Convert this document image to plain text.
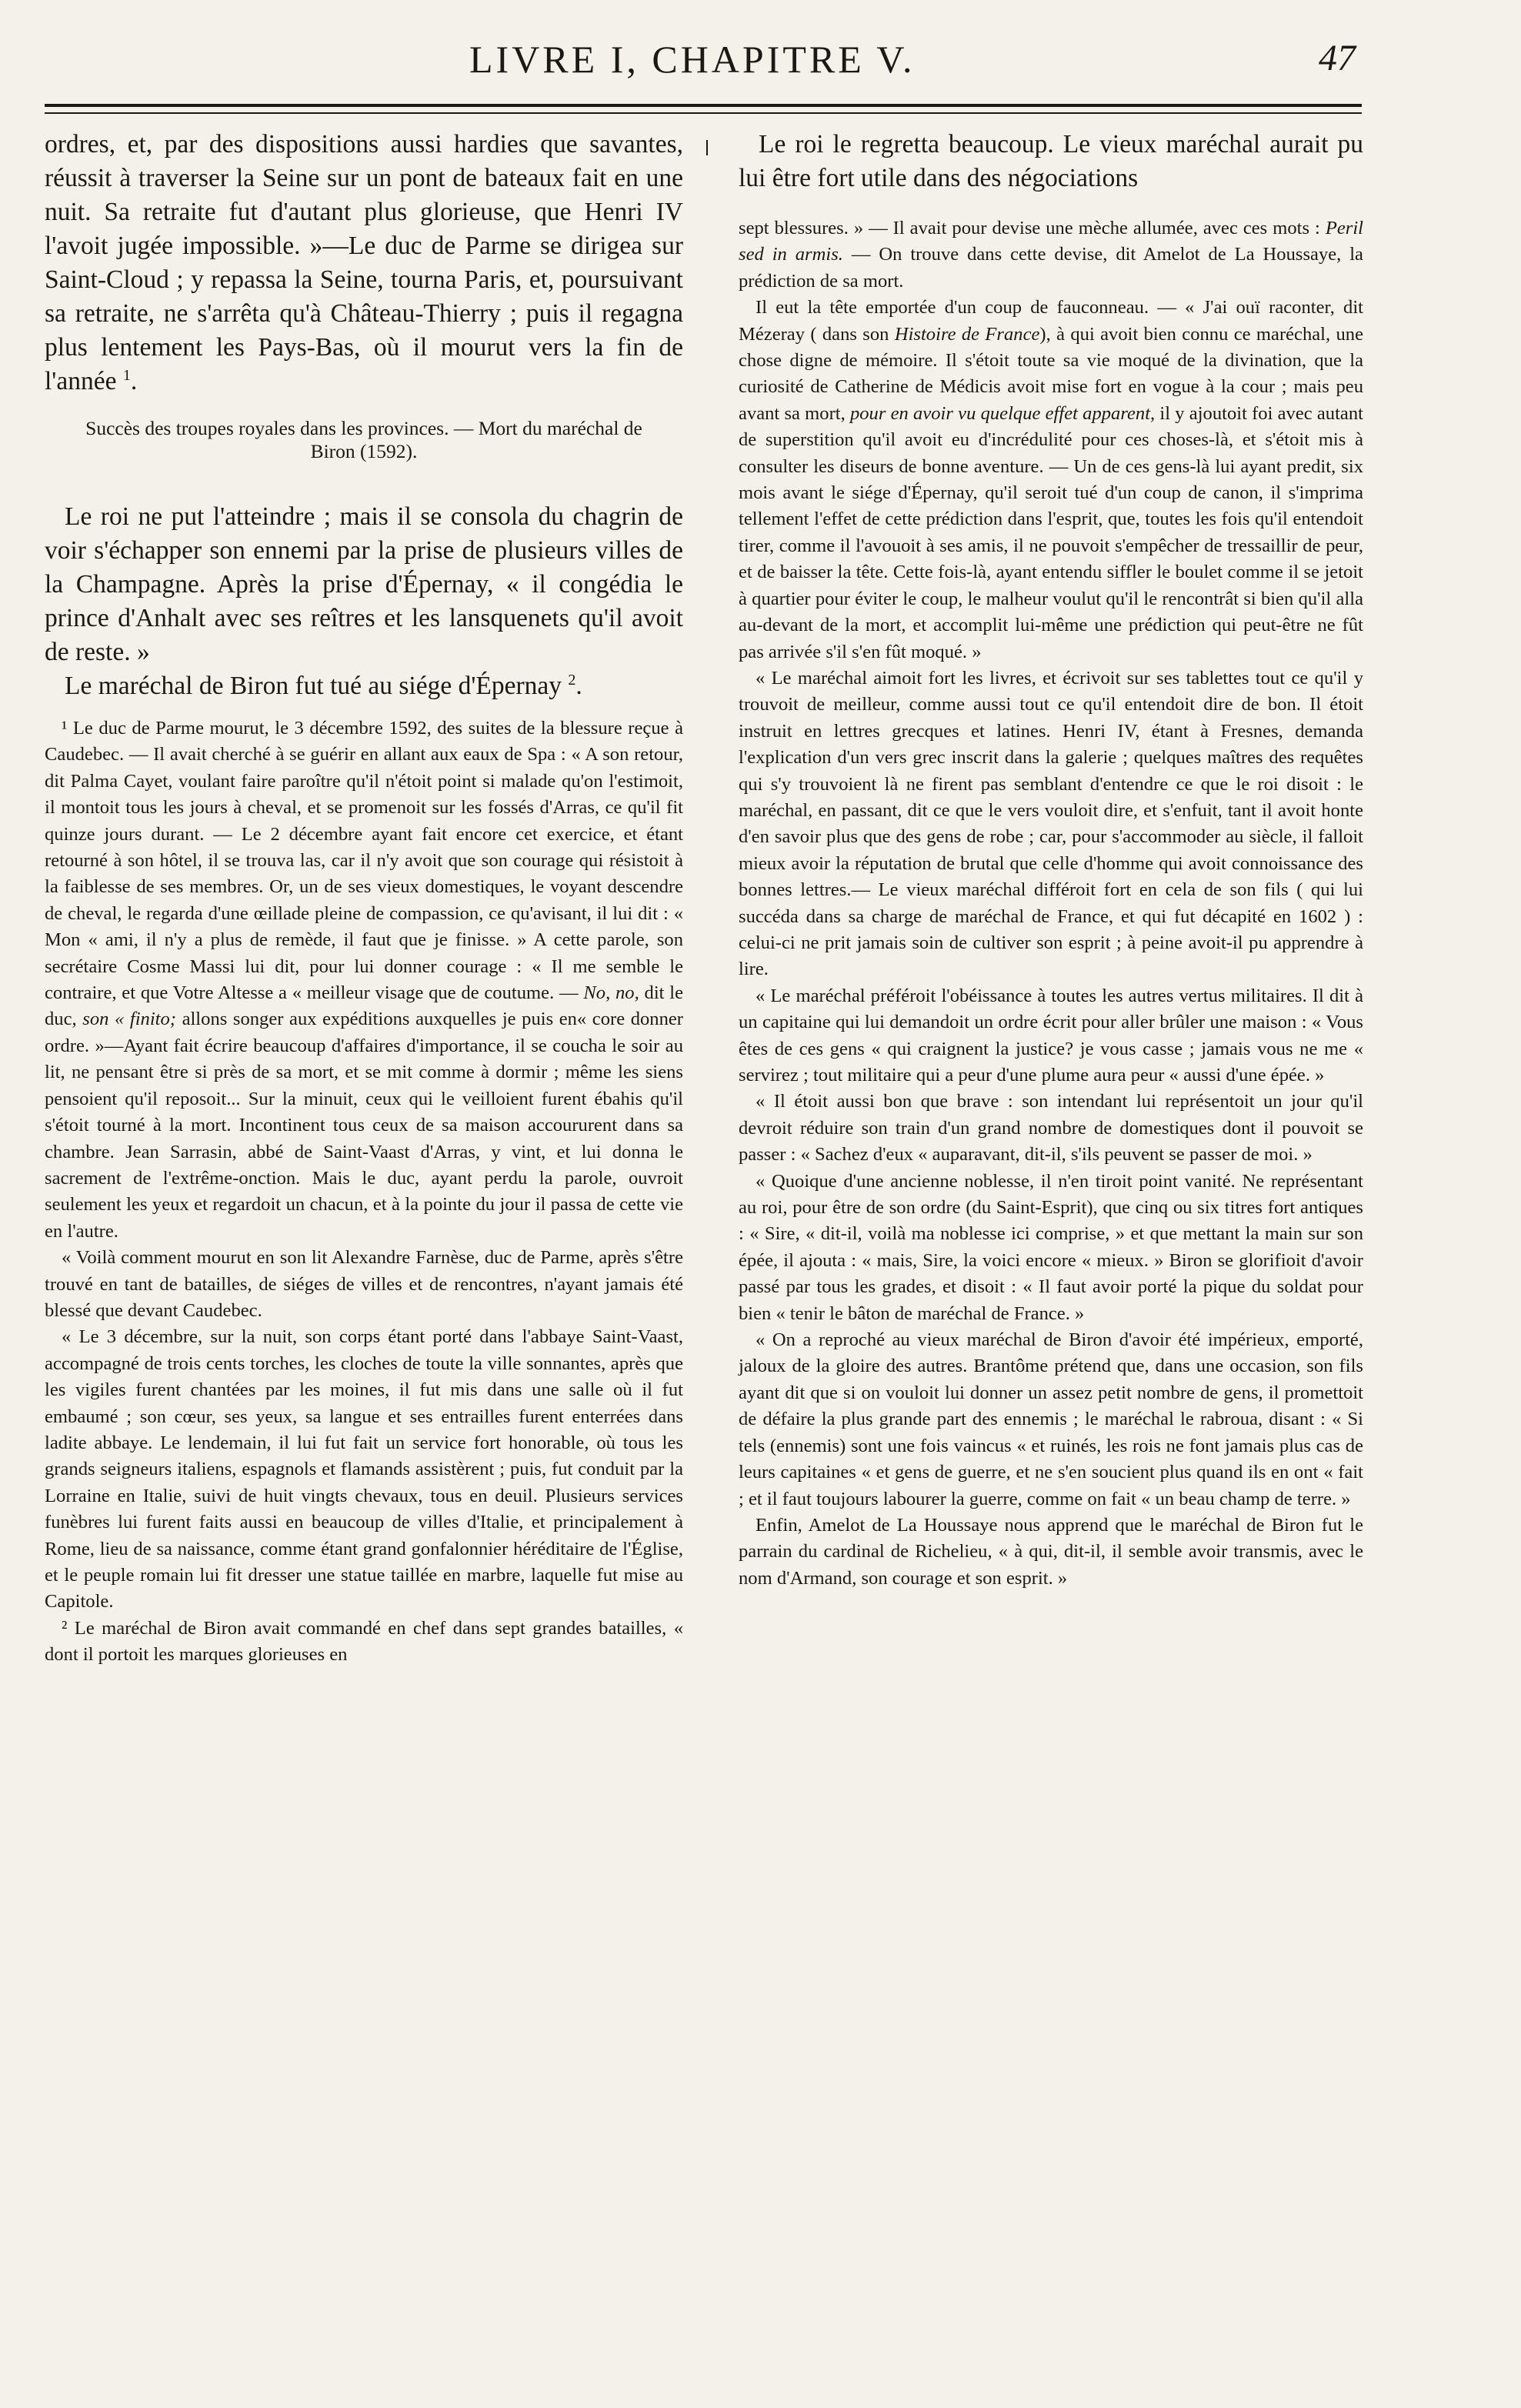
LIVRE I, CHAPITRE V.	47

ordres, et, par des dispositions aussi hardies que savantes, réussit à traverser la Seine sur un pont de bateaux fait en une nuit. Sa retraite fut d'autant plus glorieuse, que Henri IV l'avoit jugée impossible. »—Le duc de Parme se dirigea sur Saint-Cloud ; y repassa la Seine, tourna Paris, et, poursuivant sa retraite, ne s'arrêta qu'à Château-Thierry ; puis il regagna plus lentement les Pays-Bas, où il mourut vers la fin de l'année $^1$.

Succès des troupes royales dans les provinces. — Mort du maréchal de Biron (1592).

Le roi ne put l'atteindre ; mais il se consola du chagrin de voir s'échapper son ennemi par la prise de plusieurs villes de la Champagne. Après la prise d'Épernay, « il congédia le prince d'Anhalt avec ses reîtres et les lansquenets qu'il avoit de reste. »

Le maréchal de Biron fut tué au siége d'Épernay $^2$.

¹ Le duc de Parme mourut, le 3 décembre 1592, des suites de la blessure reçue à Caudebec. — Il avait cherché à se guérir en allant aux eaux de Spa : « A son retour, dit Palma Cayet, voulant faire paroître qu'il n'étoit point si malade qu'on l'estimoit, il montoit tous les jours à cheval, et se promenoit sur les fossés d'Arras, ce qu'il fit quinze jours durant. — Le 2 décembre ayant fait encore cet exercice, et étant retourné à son hôtel, il se trouva las, car il n'y avoit que son courage qui résistoit à la faiblesse de ses membres. Or, un de ses vieux domestiques, le voyant descendre de cheval, le regarda d'une œillade pleine de compassion, ce qu'avisant, il lui dit : « Mon « ami, il n'y a plus de remède, il faut que je finisse. » A cette parole, son secrétaire Cosme Massi lui dit, pour lui donner courage : « Il me semble le contraire, et que Votre Altesse a « meilleur visage que de coutume. — No, no, dit le duc, son « finito; allons songer aux expéditions auxquelles je puis en« core donner ordre. »—Ayant fait écrire beaucoup d'affaires d'importance, il se coucha le soir au lit, ne pensant être si près de sa mort, et se mit comme à dormir ; même les siens pensoient qu'il reposoit... Sur la minuit, ceux qui le veilloient furent ébahis qu'il s'étoit tourné à la mort. Incontinent tous ceux de sa maison accoururent dans sa chambre. Jean Sarrasin, abbé de Saint-Vaast d'Arras, y vint, et lui donna le sacrement de l'extrême-onction. Mais le duc, ayant perdu la parole, ouvroit seulement les yeux et regardoit un chacun, et à la pointe du jour il passa de cette vie en l'autre.

« Voilà comment mourut en son lit Alexandre Farnèse, duc de Parme, après s'être trouvé en tant de batailles, de siéges de villes et de rencontres, n'ayant jamais été blessé que devant Caudebec.

« Le 3 décembre, sur la nuit, son corps étant porté dans l'abbaye Saint-Vaast, accompagné de trois cents torches, les cloches de toute la ville sonnantes, après que les vigiles furent chantées par les moines, il fut mis dans une salle où il fut embaumé ; son cœur, ses yeux, sa langue et ses entrailles furent enterrées dans ladite abbaye. Le lendemain, il lui fut fait un service fort honorable, où tous les grands seigneurs italiens, espagnols et flamands assistèrent ; puis, fut conduit par la Lorraine en Italie, suivi de huit vingts chevaux, tous en deuil. Plusieurs services funèbres lui furent faits aussi en beaucoup de villes d'Italie, et principalement à Rome, lieu de sa naissance, comme étant grand gonfalonnier héréditaire de l'Église, et le peuple romain lui fit dresser une statue taillée en marbre, laquelle fut mise au Capitole.

² Le maréchal de Biron avait commandé en chef dans sept grandes batailles, « dont il portoit les marques glorieuses en

Le roi le regretta beaucoup. Le vieux maréchal aurait pu lui être fort utile dans des négociations

sept blessures. » — Il avait pour devise une mèche allumée, avec ces mots : Peril sed in armis. — On trouve dans cette devise, dit Amelot de La Houssaye, la prédiction de sa mort.

Il eut la tête emportée d'un coup de fauconneau. — « J'ai ouï raconter, dit Mézeray ( dans son Histoire de France), à qui avoit bien connu ce maréchal, une chose digne de mémoire. Il s'étoit toute sa vie moqué de la divination, que la curiosité de Catherine de Médicis avoit mise fort en vogue à la cour ; mais peu avant sa mort, pour en avoir vu quelque effet apparent, il y ajoutoit foi avec autant de superstition qu'il avoit eu d'incrédulité pour ces choses-là, et s'étoit mis à consulter les diseurs de bonne aventure. — Un de ces gens-là lui ayant predit, six mois avant le siége d'Épernay, qu'il seroit tué d'un coup de canon, il s'imprima tellement l'effet de cette prédiction dans l'esprit, que, toutes les fois qu'il entendoit tirer, comme il l'avouoit à ses amis, il ne pouvoit s'empêcher de tressaillir de peur, et de baisser la tête. Cette fois-là, ayant entendu siffler le boulet comme il se jetoit à quartier pour éviter le coup, le malheur voulut qu'il le rencontrât si bien qu'il alla au-devant de la mort, et accomplit lui-même une prédiction qui peut-être ne fût pas arrivée s'il s'en fût moqué. »

« Le maréchal aimoit fort les livres, et écrivoit sur ses tablettes tout ce qu'il y trouvoit de meilleur, comme aussi tout ce qu'il entendoit dire de bon. Il étoit instruit en lettres grecques et latines. Henri IV, étant à Fresnes, demanda l'explication d'un vers grec inscrit dans la galerie ; quelques maîtres des requêtes qui s'y trouvoient là ne firent pas semblant d'entendre ce que le roi disoit : le maréchal, en passant, dit ce que le vers vouloit dire, et s'enfuit, tant il avoit honte d'en savoir plus que des gens de robe ; car, pour s'accommoder au siècle, il falloit mieux avoir la réputation de brutal que celle d'homme qui avoit connoissance des bonnes lettres.— Le vieux maréchal différoit fort en cela de son fils ( qui lui succéda dans sa charge de maréchal de France, et qui fut décapité en 1602 ) : celui-ci ne prit jamais soin de cultiver son esprit ; à peine avoit-il pu apprendre à lire.

« Le maréchal préféroit l'obéissance à toutes les autres vertus militaires. Il dit à un capitaine qui lui demandoit un ordre écrit pour aller brûler une maison : « Vous êtes de ces gens « qui craignent la justice? je vous casse ; jamais vous ne me « servirez ; tout militaire qui a peur d'une plume aura peur « aussi d'une épée. »

« Il étoit aussi bon que brave : son intendant lui représentoit un jour qu'il devroit réduire son train d'un grand nombre de domestiques dont il pouvoit se passer : « Sachez d'eux « auparavant, dit-il, s'ils peuvent se passer de moi. »

« Quoique d'une ancienne noblesse, il n'en tiroit point vanité. Ne représentant au roi, pour être de son ordre (du Saint-Esprit), que cinq ou six titres fort antiques : « Sire, « dit-il, voilà ma noblesse ici comprise, » et que mettant la main sur son épée, il ajouta : « mais, Sire, la voici encore « mieux. » Biron se glorifioit d'avoir passé par tous les grades, et disoit : « Il faut avoir porté la pique du soldat pour bien « tenir le bâton de maréchal de France. »

« On a reproché au vieux maréchal de Biron d'avoir été impérieux, emporté, jaloux de la gloire des autres. Brantôme prétend que, dans une occasion, son fils ayant dit que si on vouloit lui donner un assez petit nombre de gens, il promettoit de défaire la plus grande part des ennemis ; le maréchal le rabroua, disant : « Si tels (ennemis) sont une fois vaincus « et ruinés, les rois ne font jamais plus cas de leurs capitaines « et gens de guerre, et ne s'en soucient plus quand ils en ont « fait ; et il faut toujours labourer la guerre, comme on fait « un beau champ de terre. »

Enfin, Amelot de La Houssaye nous apprend que le maréchal de Biron fut le parrain du cardinal de Richelieu, « à qui, dit-il, il semble avoir transmis, avec le nom d'Armand, son courage et son esprit. »
